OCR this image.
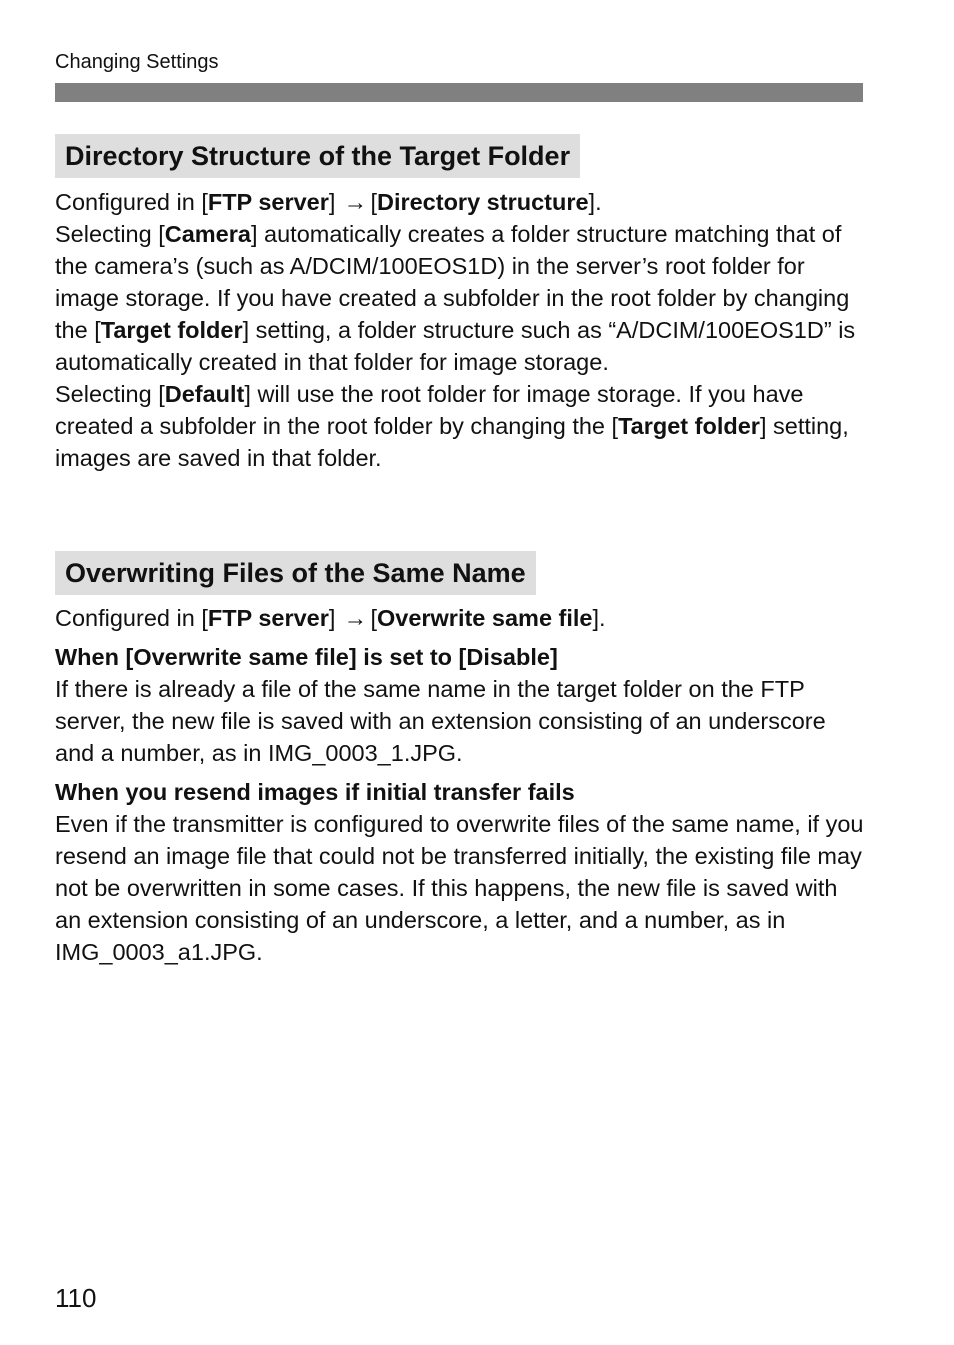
Changing Settings
Directory Structure of the Target Folder

Configured in [FTP server] → [Directory structure].

Selecting [Camera] automatically creates a folder structure matching that of the camera’s (such as A/DCIM/100EOS1D) in the server’s root folder for image storage. If you have created a subfolder in the root folder by changing the [Target folder] setting, a folder structure such as “A/DCIM/100EOS1D” is automatically created in that folder for image storage.

Selecting [Default] will use the root folder for image storage. If you have created a subfolder in the root folder by changing the [Target folder] setting, images are saved in that folder.

Overwriting Files of the Same Name

Configured in [FTP server] → [Overwrite same file].

When [Overwrite same file] is set to [Disable]

If there is already a file of the same name in the target folder on the FTP server, the new file is saved with an extension consisting of an underscore and a number, as in IMG_0003_1.JPG.

When you resend images if initial transfer fails

Even if the transmitter is configured to overwrite files of the same name, if you resend an image file that could not be transferred initially, the existing file may not be overwritten in some cases. If this happens, the new file is saved with an extension consisting of an underscore, a letter, and a number, as in IMG_0003_a1.JPG.

110
